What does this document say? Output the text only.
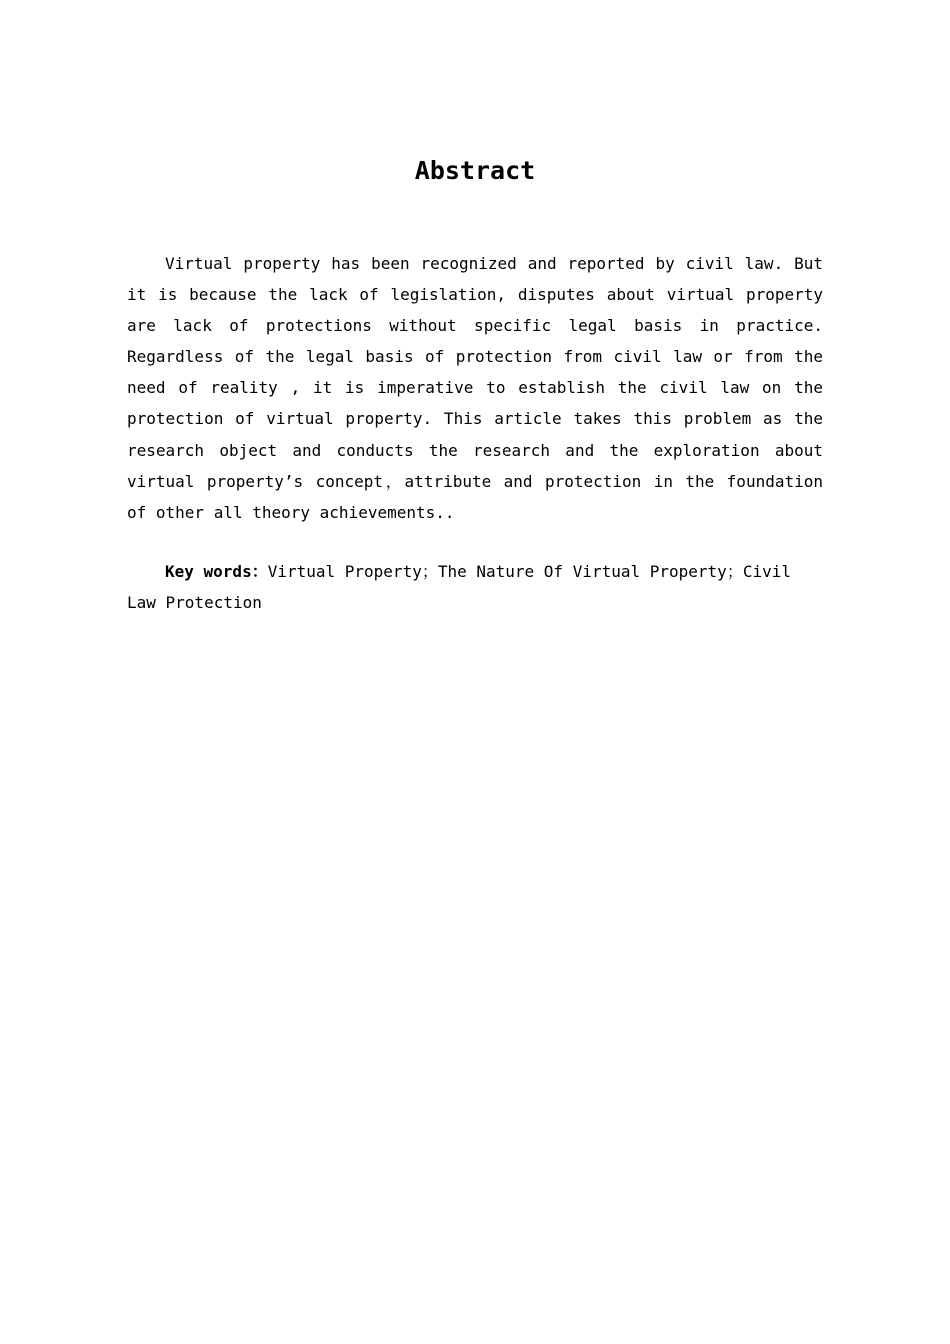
Abstract

Virtual property has been recognized and reported by civil law. But it is because the lack of legislation, disputes about virtual property are lack of protections without specific legal basis in practice. Regardless of the legal basis of protection from civil law or from the need of reality , it is imperative to establish the civil law on the protection of virtual property. This article takes this problem as the research object and conducts the research and the exploration about virtual property’s concept，attribute and protection in the foundation of other all theory achievements..

Key words：Virtual Property；The Nature Of Virtual Property；Civil Law Protection
